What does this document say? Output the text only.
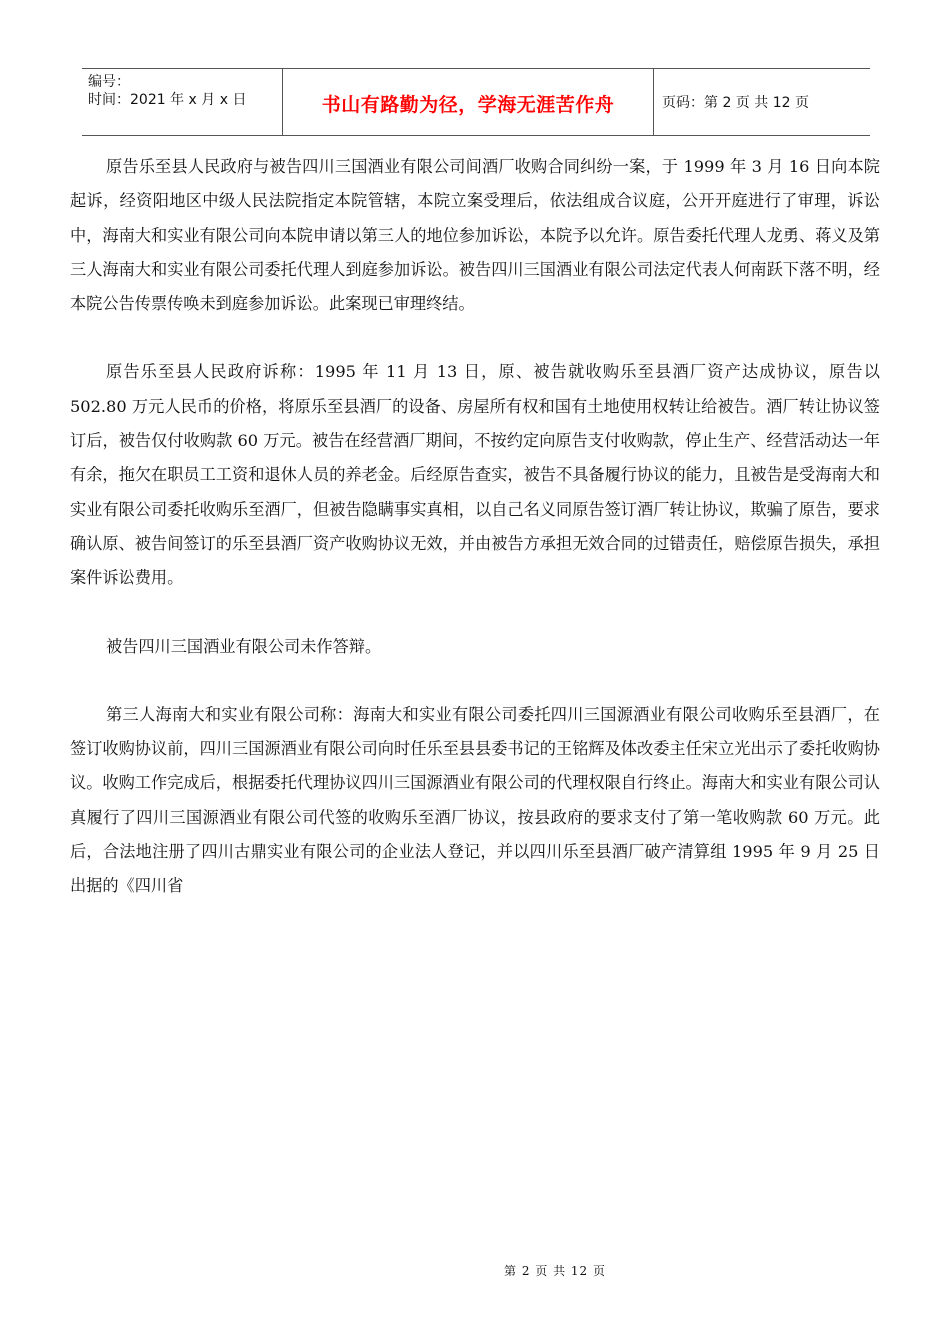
编号：
时间：2021 年 x 月 x 日	书山有路勤为径，学海无涯苦作舟	页码：第 2 页 共 12 页

原告乐至县人民政府与被告四川三国酒业有限公司间酒厂收购合同纠纷一案，于 1999 年 3 月 16 日向本院起诉，经资阳地区中级人民法院指定本院管辖，本院立案受理后，依法组成合议庭，公开开庭进行了审理，诉讼中，海南大和实业有限公司向本院申请以第三人的地位参加诉讼，本院予以允许。原告委托代理人龙勇、蒋义及第三人海南大和实业有限公司委托代理人到庭参加诉讼。被告四川三国酒业有限公司法定代表人何南跃下落不明，经本院公告传票传唤未到庭参加诉讼。此案现已审理终结。

原告乐至县人民政府诉称：1995 年 11 月 13 日，原、被告就收购乐至县酒厂资产达成协议，原告以 502.80 万元人民币的价格，将原乐至县酒厂的设备、房屋所有权和国有土地使用权转让给被告。酒厂转让协议签订后，被告仅付收购款 60 万元。被告在经营酒厂期间，不按约定向原告支付收购款，停止生产、经营活动达一年有余，拖欠在职员工工资和退休人员的养老金。后经原告查实，被告不具备履行协议的能力，且被告是受海南大和实业有限公司委托收购乐至酒厂，但被告隐瞒事实真相，以自己名义同原告签订酒厂转让协议，欺骗了原告，要求确认原、被告间签订的乐至县酒厂资产收购协议无效，并由被告方承担无效合同的过错责任，赔偿原告损失，承担案件诉讼费用。

被告四川三国酒业有限公司未作答辩。

第三人海南大和实业有限公司称：海南大和实业有限公司委托四川三国源酒业有限公司收购乐至县酒厂，在签订收购协议前，四川三国源酒业有限公司向时任乐至县县委书记的王铭辉及体改委主任宋立光出示了委托收购协议。收购工作完成后，根据委托代理协议四川三国源酒业有限公司的代理权限自行终止。海南大和实业有限公司认真履行了四川三国源酒业有限公司代签的收购乐至酒厂协议，按县政府的要求支付了第一笔收购款 60 万元。此后，合法地注册了四川古鼎实业有限公司的企业法人登记，并以四川乐至县酒厂破产清算组 1995 年 9 月 25 日出据的《四川省

第 2 页 共 12 页
